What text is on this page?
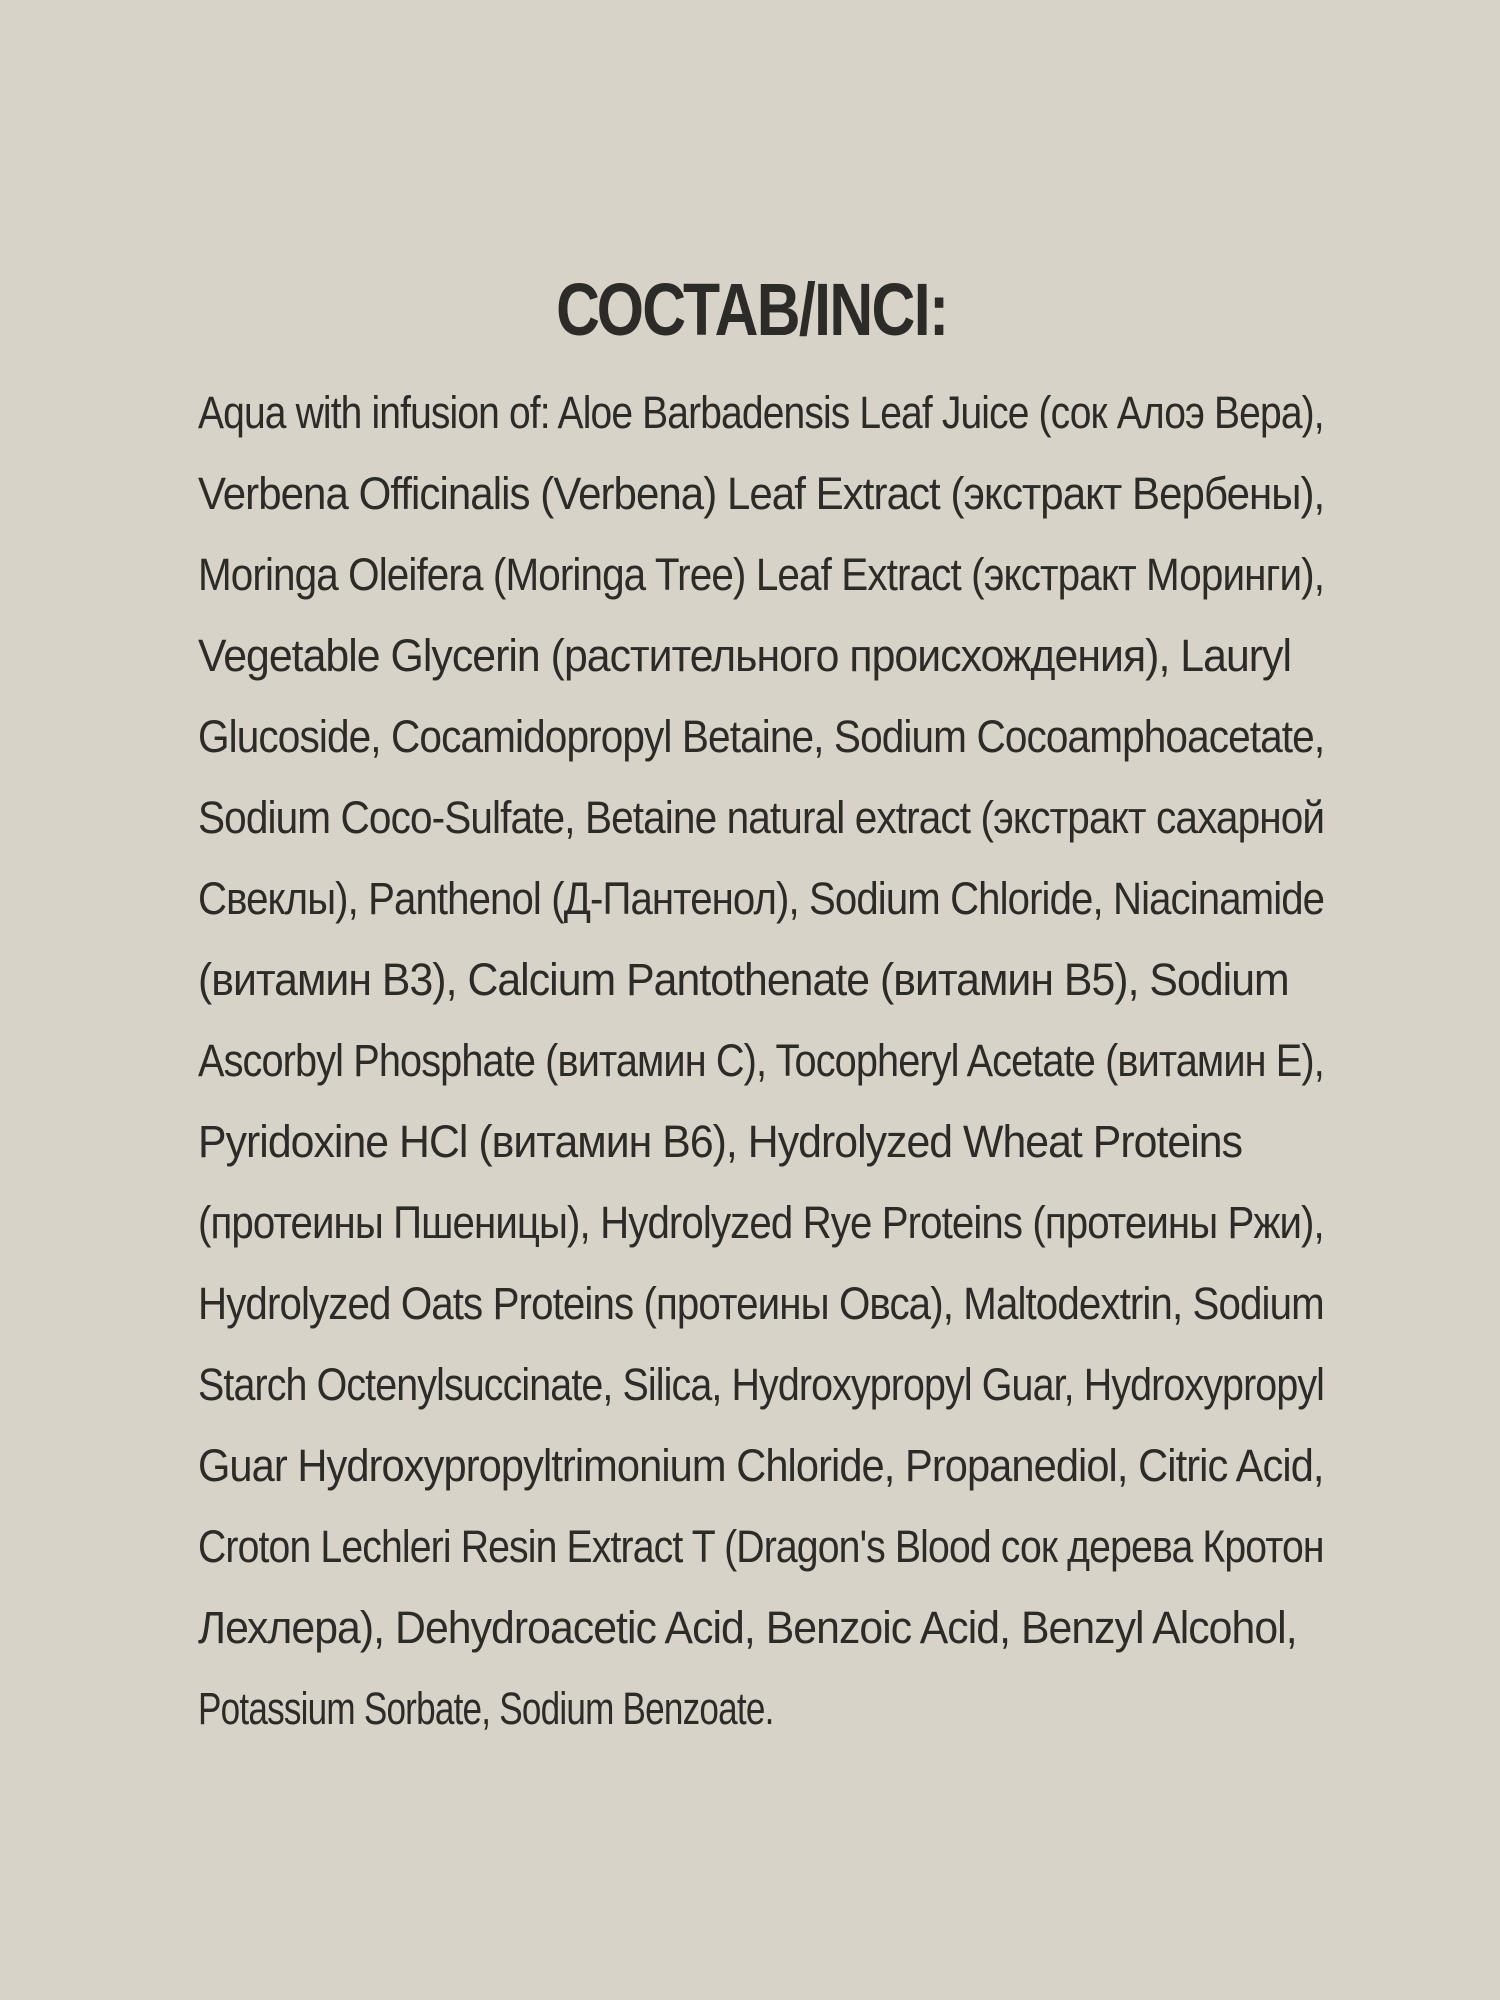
СОСТАВ/INCI:
Aqua with infusion of: Aloe Barbadensis Leaf Juice (сок Алоэ Вера),
Verbena Officinalis (Verbena) Leaf Extract (экстракт Вербены),
Moringa Oleifera (Moringa Tree) Leaf Extract (экстракт Моринги),
Vegetable Glycerin (растительного происхождения), Lauryl
Glucoside, Cocamidopropyl Betaine, Sodium Cocoamphoacetate,
Sodium Coco-Sulfate, Betaine natural extract (экстракт сахарной
Свеклы), Panthenol (Д-Пантенол), Sodium Chloride, Niacinamide
(витамин B3), Calcium Pantothenate (витамин B5), Sodium
Ascorbyl Phosphate (витамин С), Tocopheryl Acetate (витамин Е),
Pyridoxine HCl (витамин B6), Hydrolyzed Wheat Proteins
(протеины Пшеницы), Hydrolyzed Rye Proteins (протеины Ржи),
Hydrolyzed Oats Proteins (протеины Овса), Maltodextrin, Sodium
Starch Octenylsuccinate, Silica, Hydroxypropyl Guar, Hydroxypropyl
Guar Hydroxypropyltrimonium Chloride, Propanediol, Citric Acid,
Croton Lechleri Resin Extract T (Dragon's Blood сок дерева Кротон
Лехлера), Dehydroacetic Acid, Benzoic Acid, Benzyl Alcohol,
Potassium Sorbate, Sodium Benzoate.
